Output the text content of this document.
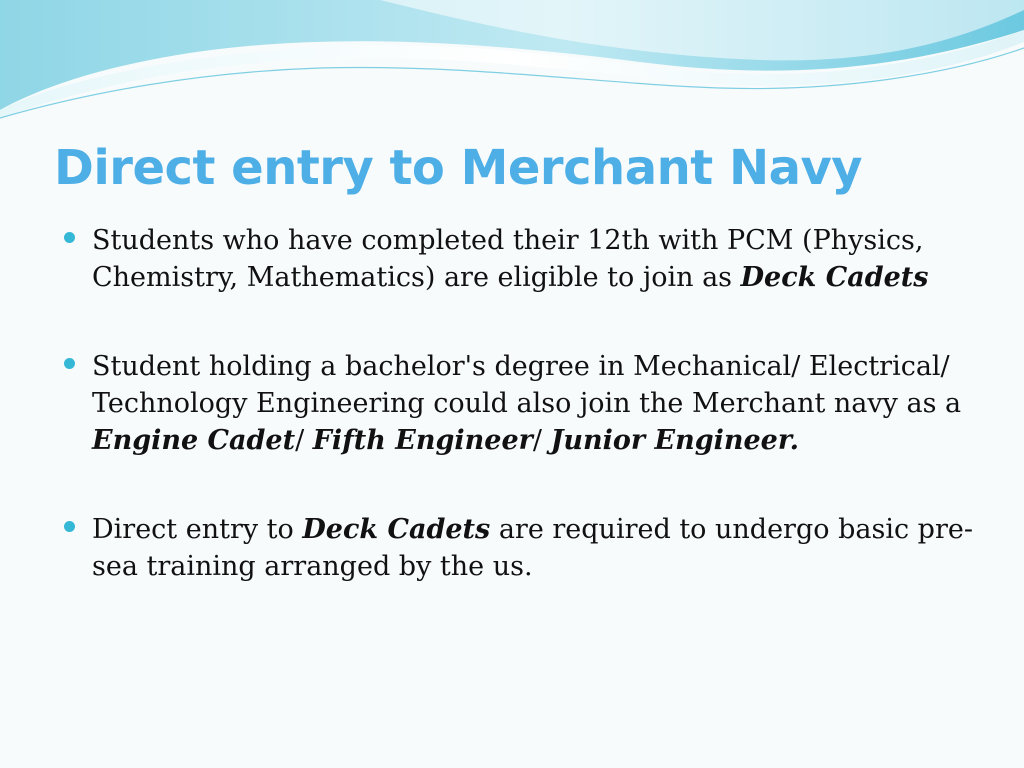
Direct entry to Merchant Navy
Students who have completed their 12th with PCM (Physics, Chemistry, Mathematics) are eligible to join as Deck Cadets
Student holding a bachelor's degree in Mechanical/ Electrical/ Technology Engineering could also join the Merchant navy as a Engine Cadet/ Fifth Engineer/ Junior Engineer.
Direct entry to Deck Cadets are required to undergo basic pre-sea training arranged by the us.
